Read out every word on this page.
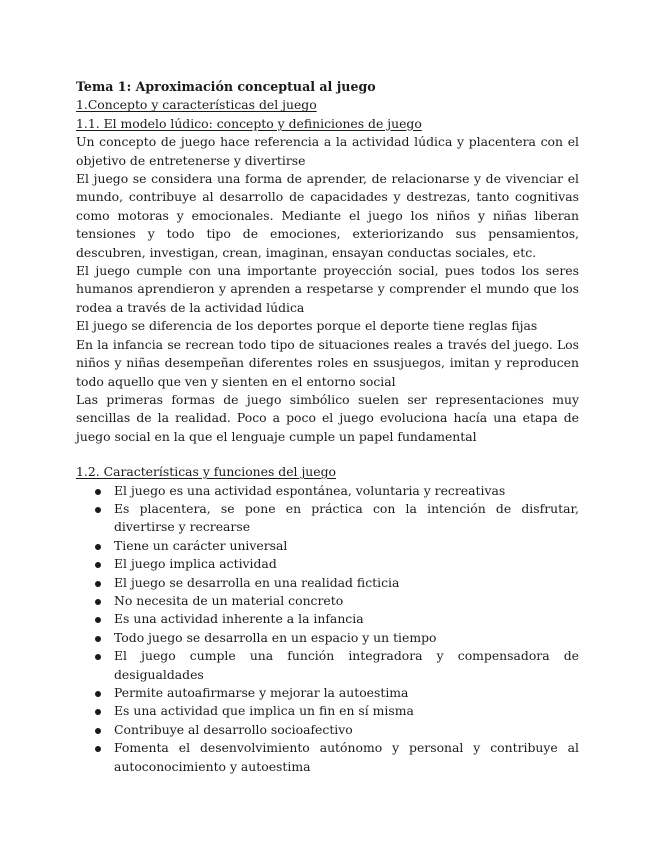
Tema 1: Aproximación conceptual al juego

1.Concepto y características del juego

1.1. El modelo lúdico: concepto y definiciones de juego

Un concepto de juego hace referencia a la actividad lúdica y placentera con el objetivo de entretenerse y divertirse

El juego se considera una forma de aprender, de relacionarse y de vivenciar el mundo, contribuye al desarrollo de capacidades y destrezas, tanto cognitivas como motoras y emocionales. Mediante el juego los niños y niñas liberan tensiones y todo tipo de emociones, exteriorizando sus pensamientos, descubren, investigan, crean, imaginan, ensayan conductas sociales, etc.

El juego cumple con una importante proyección social, pues todos los seres humanos aprendieron y aprenden a respetarse y comprender el mundo que los rodea a través de la actividad lúdica

El juego se diferencia de los deportes porque el deporte tiene reglas fijas

En la infancia se recrean todo tipo de situaciones reales a través del juego. Los niños y niñas desempeñan diferentes roles en ssusjuegos, imitan y reproducen todo aquello que ven y sienten en el entorno social

Las primeras formas de juego simbólico suelen ser representaciones muy sencillas de la realidad. Poco a poco el juego evoluciona hacía una etapa de juego social en la que el lenguaje cumple un papel fundamental

1.2. Características y funciones del juego

El juego es una actividad espontánea, voluntaria y recreativas
Es placentera, se pone en práctica con la intención de disfrutar, divertirse y recrearse
Tiene un carácter universal
El juego implica actividad
El juego se desarrolla en una realidad ficticia
No necesita de un material concreto
Es una actividad inherente a la infancia
Todo juego se desarrolla en un espacio y un tiempo
El juego cumple una función integradora y compensadora de desigualdades
Permite autoafirmarse y mejorar la autoestima
Es una actividad que implica un fin en sí misma
Contribuye al desarrollo socioafectivo
Fomenta el desenvolvimiento autónomo y personal y contribuye al autoconocimiento y autoestima
